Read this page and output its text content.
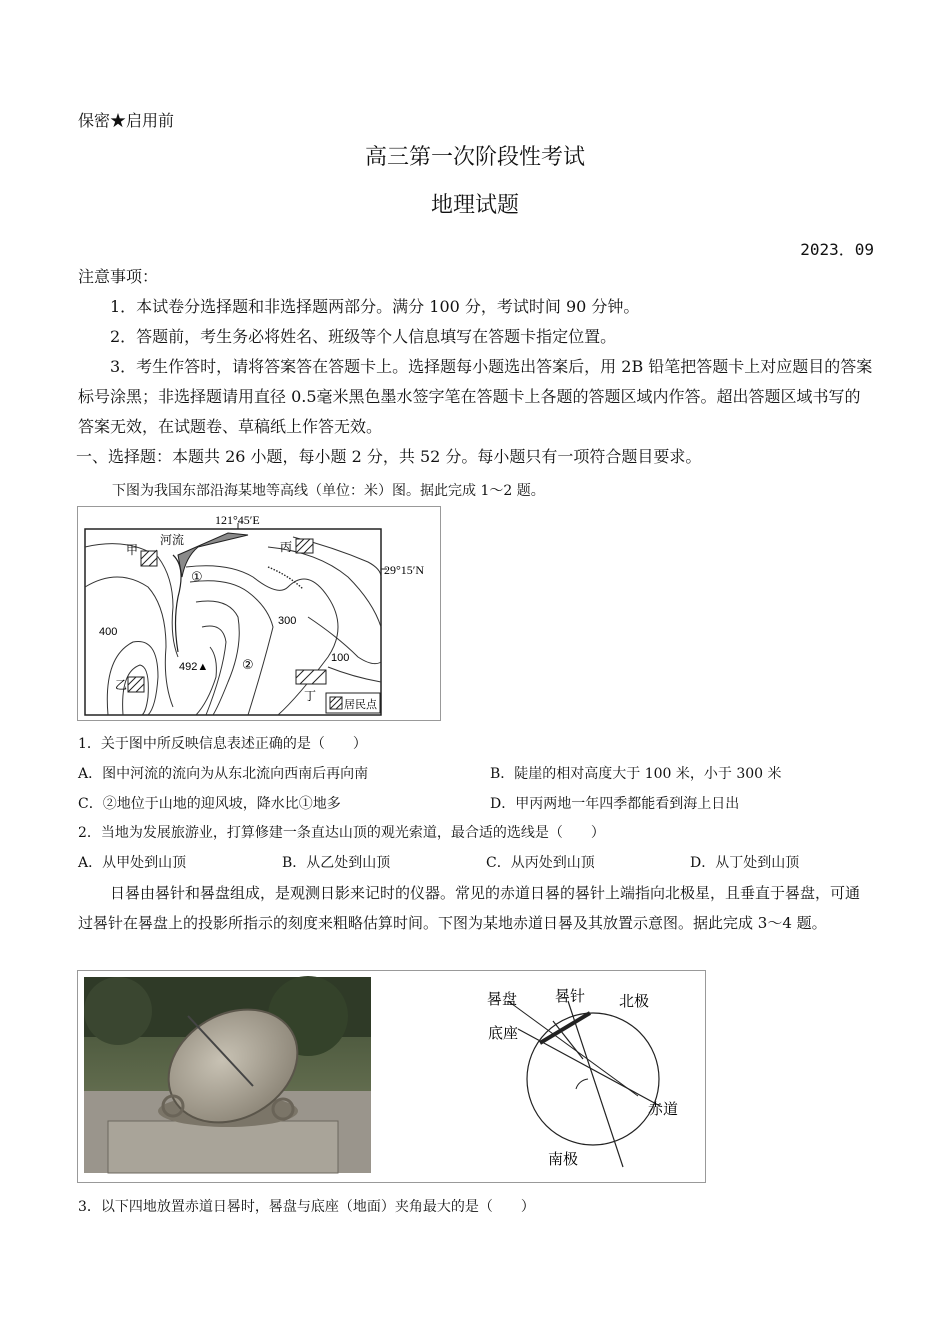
保密★启用前
高三第一次阶段性考试
地理试题
2023．09

注意事项：

1．本试卷分选择题和非选择题两部分。满分 100 分，考试时间 90 分钟。

2．答题前，考生务必将姓名、班级等个人信息填写在答题卡指定位置。

3．考生作答时，请将答案答在答题卡上。选择题每小题选出答案后，用 2B 铅笔把答题卡上对应题目的答案标号涂黑；非选择题请用直径 0.5毫米黑色墨水签字笔在答题卡上各题的答题区域内作答。超出答题区域书写的答案无效，在试题卷、草稿纸上作答无效。

一、选择题：本题共 26 小题，每小题 2 分，共 52 分。每小题只有一项符合题目要求。

下图为我国东部沿海某地等高线（单位：米）图。据此完成 1～2 题。
121°45′E
29°15′N
河流
甲	丙
乙
丁
400
300
100
492▲
①
②
居民点
1．关于图中所反映信息表述正确的是（　　）
A．图中河流的流向为从东北流向西南后再向南	B．陡崖的相对高度大于 100 米，小于 300 米
C．②地位于山地的迎风坡，降水比①地多	D．甲丙两地一年四季都能看到海上日出
2．当地为发展旅游业，打算修建一条直达山顶的观光索道，最合适的选线是（　　）
A．从甲处到山顶	B．从乙处到山顶	C．从丙处到山顶	D．从丁处到山顶

日晷由晷针和晷盘组成，是观测日影来记时的仪器。常见的赤道日晷的晷针上端指向北极星，且垂直于晷盘，可通过晷针在晷盘上的投影所指示的刻度来粗略估算时间。下图为某地赤道日晷及其放置示意图。据此完成 3～4 题。

晷盘	晷针 北极
底座
赤道
南极
3．以下四地放置赤道日晷时，晷盘与底座（地面）夹角最大的是（　　）
